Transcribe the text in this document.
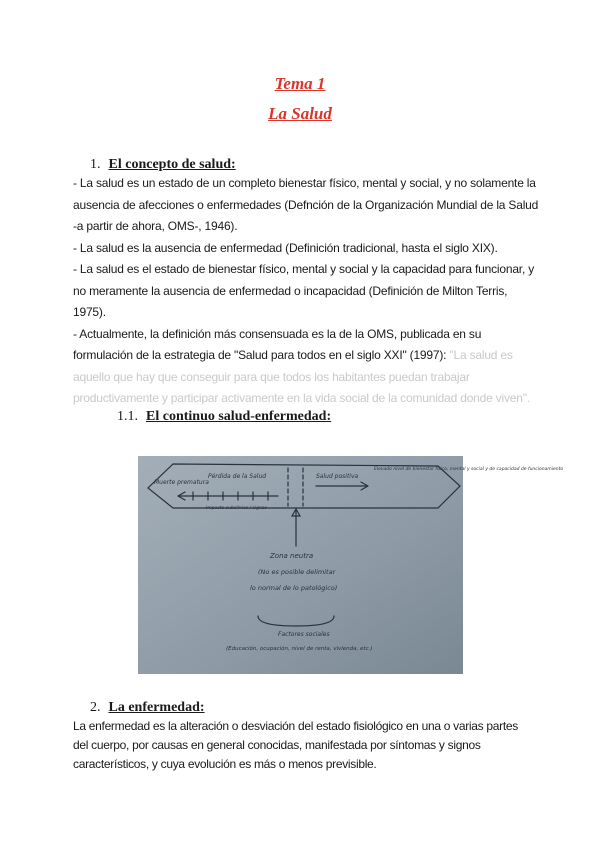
Tema 1
La Salud
1. El concepto de salud:

- La salud es un estado de un completo bienestar físico, mental y social, y no solamente la ausencia de afecciones o enfermedades (Defnción de la Organización Mundial de la Salud -a partir de ahora, OMS-, 1946).

- La salud es la ausencia de enfermedad (Definición tradicional, hasta el siglo XIX).

- La salud es el estado de bienestar físico, mental y social y la capacidad para funcionar, y no meramente la ausencia de enfermedad o incapacidad (Definición de Milton Terris, 1975).

- Actualmente, la definición más consensuada es la de la OMS, publicada en su formulación de la estrategia de "Salud para todos en el siglo XXI" (1997): "La salud es aquello que hay que conseguir para que todos los habitantes puedan trabajar productivamente y participar activamente en la vida social de la comunidad donde viven".

1.1. El continuo salud-enfermedad:
Muerte prematura
Pérdida de la Salud
Impacto subclínico / signos
Salud positiva
Elevado nivel de bienestar físico, mental y social y de capacidad de funcionamiento
Zona neutra
(No es posible delimitar
lo normal de lo patológico)
Factores sociales
(Educación, ocupación, nivel de renta, vivienda, etc.)
2. La enfermedad:
La enfermedad es la alteración o desviación del estado fisiológico en una o varias partes del cuerpo, por causas en general conocidas, manifestada por síntomas y signos característicos, y cuya evolución es más o menos previsible.
